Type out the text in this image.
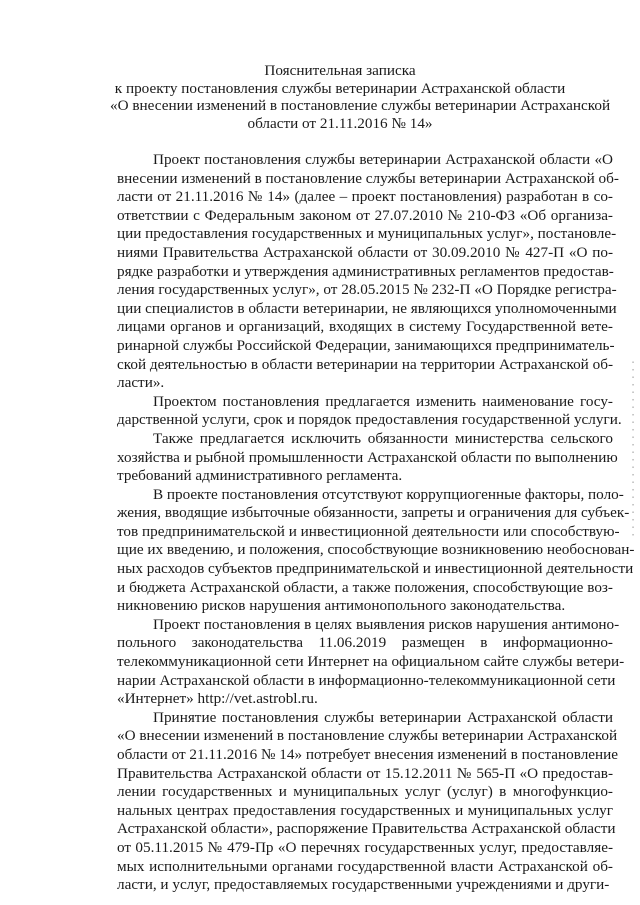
Пояснительная записка
к проекту постановления службы ветеринарии Астраханской области
«О внесении изменений в постановление службы ветеринарии Астраханской
области от 21.11.2016 № 14»
Проект постановления службы ветеринарии Астраханской области «О
внесении изменений в постановление службы ветеринарии Астраханской об-
ласти от 21.11.2016 № 14» (далее – проект постановления) разработан в со-
ответствии с Федеральным законом от 27.07.2010 № 210-ФЗ «Об организа-
ции предоставления государственных и муниципальных услуг», постановле-
ниями Правительства Астраханской области от 30.09.2010 № 427-П «О по-
рядке разработки и утверждения административных регламентов предостав-
ления государственных услуг», от 28.05.2015 № 232-П «О Порядке регистра-
ции специалистов в области ветеринарии, не являющихся уполномоченными
лицами органов и организаций, входящих в систему Государственной вете-
ринарной службы Российской Федерации, занимающихся предприниматель-
ской деятельностью в области ветеринарии на территории Астраханской об-
ласти».
Проектом постановления предлагается изменить наименование госу-
дарственной услуги, срок и порядок предоставления государственной услуги.
Также предлагается исключить обязанности министерства сельского
хозяйства и рыбной промышленности Астраханской области по выполнению
требований административного регламента.
В проекте постановления отсутствуют коррупциогенные факторы, поло-
жения, вводящие избыточные обязанности, запреты и ограничения для субъек-
тов предпринимательской и инвестиционной деятельности или способствую-
щие их введению, и положения, способствующие возникновению необоснован-
ных расходов субъектов предпринимательской и инвестиционной деятельности
и бюджета Астраханской области, а также положения, способствующие воз-
никновению рисков нарушения антимонопольного законодательства.
Проект постановления в целях выявления рисков нарушения антимоно-
польного законодательства 11.06.2019 размещен в информационно-
телекоммуникационной сети Интернет на официальном сайте службы ветери-
нарии Астраханской области в информационно-телекоммуникационной сети
«Интернет» http://vet.astrobl.ru.
Принятие постановления службы ветеринарии Астраханской области
«О внесении изменений в постановление службы ветеринарии Астраханской
области от 21.11.2016 № 14» потребует внесения изменений в постановление
Правительства Астраханской области от 15.12.2011 № 565-П «О предостав-
лении государственных и муниципальных услуг (услуг) в многофункцио-
нальных центрах предоставления государственных и муниципальных услуг
Астраханской области», распоряжение Правительства Астраханской области
от 05.11.2015 № 479-Пр «О перечнях государственных услуг, предоставляе-
мых исполнительными органами государственной власти Астраханской об-
ласти, и услуг, предоставляемых государственными учреждениями и други-
▪ ▪ ▪ ▪ ▪ ▪ ▪ ▪ ▪ ▪ ▪ ▪ ▪ ▪ ▪ ▪ ▪ ▪ ▪ ▪ ▪ ▪ ▪ ▪
